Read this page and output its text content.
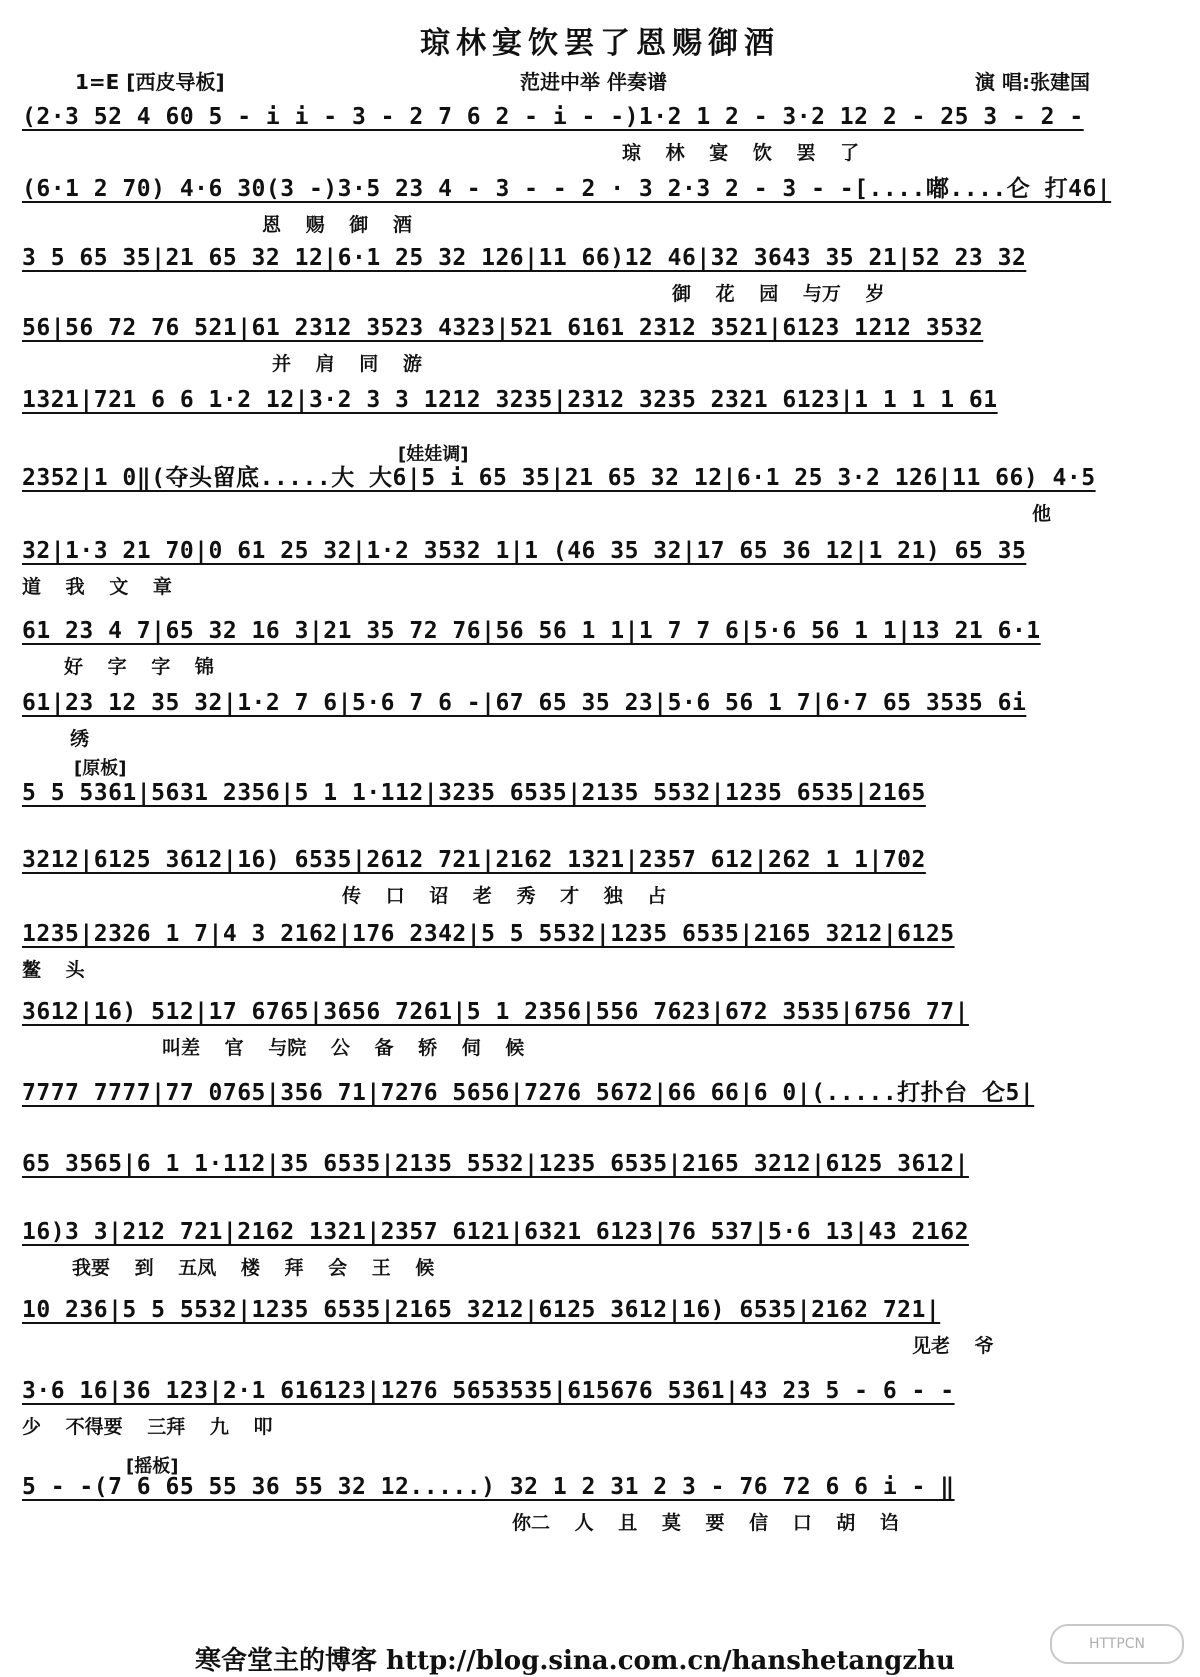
琼林宴饮罢了恩赐御酒
1=E [西皮导板]	范进中举 伴奏谱	演 唱:张建国
[娃娃调]
[原板]
[摇板]
(2·3 52 4 60 5 - i i - 3 - 2 7 6 2 - i - -)1·2 1 2 - 3·2 12 2 - 25 3 - 2 -
琼 林 宴 饮 罢 了
(6·1 2 70) 4·6 30(3 -)3·5 23 4 - 3 - - 2 · 3 2·3 2 - 3 - -[....嘟....仑 打46|
恩 赐 御 酒
3 5 65 35|21 65 32 12|6·1 25 32 126|11 66)12 46|32 3643 35 21|52 23 32
御 花 园 与万 岁
56|56 72 76 521|61 2312 3523 4323|521 6161 2312 3521|6123 1212 3532
并 肩 同 游
1321|721 6 6 1·2 12|3·2 3 3 1212 3235|2312 3235 2321 6123|1 1 1 1 61
2352|1 0‖(夺头留底.....大 大6|5 i 65 35|21 65 32 12|6·1 25 3·2 126|11 66) 4·5
他
32|1·3 21 70|0 61 25 32|1·2 3532 1|1 (46 35 32|17 65 36 12|1 21) 65 35
道 我 文 章
61 23 4 7|65 32 16 3|21 35 72 76|56 56 1 1|1 7 7 6|5·6 56 1 1|13 21 6·1
好 字 字 锦
61|23 12 35 32|1·2 7 6|5·6 7 6 -|67 65 35 23|5·6 56 1 7|6·7 65 3535 6i
绣
5 5 5361|5631 2356|5 1 1·112|3235 6535|2135 5532|1235 6535|2165
3212|6125 3612|16) 6535|2612 721|2162 1321|2357 612|262 1 1|702
传 口 诏 老 秀 才 独 占
1235|2326 1 7|4 3 2162|176 2342|5 5 5532|1235 6535|2165 3212|6125
鳌 头
3612|16) 512|17 6765|3656 7261|5 1 2356|556 7623|672 3535|6756 77|
叫差 官 与院 公 备 轿 伺 候
7777 7777|77 0765|356 71|7276 5656|7276 5672|66 66|6 0|(.....打扑台 仑5|
65 3565|6 1 1·112|35 6535|2135 5532|1235 6535|2165 3212|6125 3612|
16)3 3|212 721|2162 1321|2357 6121|6321 6123|76 537|5·6 13|43 2162
我要 到 五凤 楼 拜 会 王 候
10 236|5 5 5532|1235 6535|2165 3212|6125 3612|16) 6535|2162 721|
见老 爷
3·6 16|36 123|2·1 616123|1276 5653535|615676 5361|43 23 5 - 6 - -
少 不得要 三拜 九 叩
5 - -(7 6 65 55 36 55 32 12.....) 32 1 2 31 2 3 - 76 72 6 6 i - ‖
你二 人 且 莫 要 信 口 胡 诌
寒舍堂主的博客 http://blog.sina.com.cn/hanshetangzhu
HTTPCN
